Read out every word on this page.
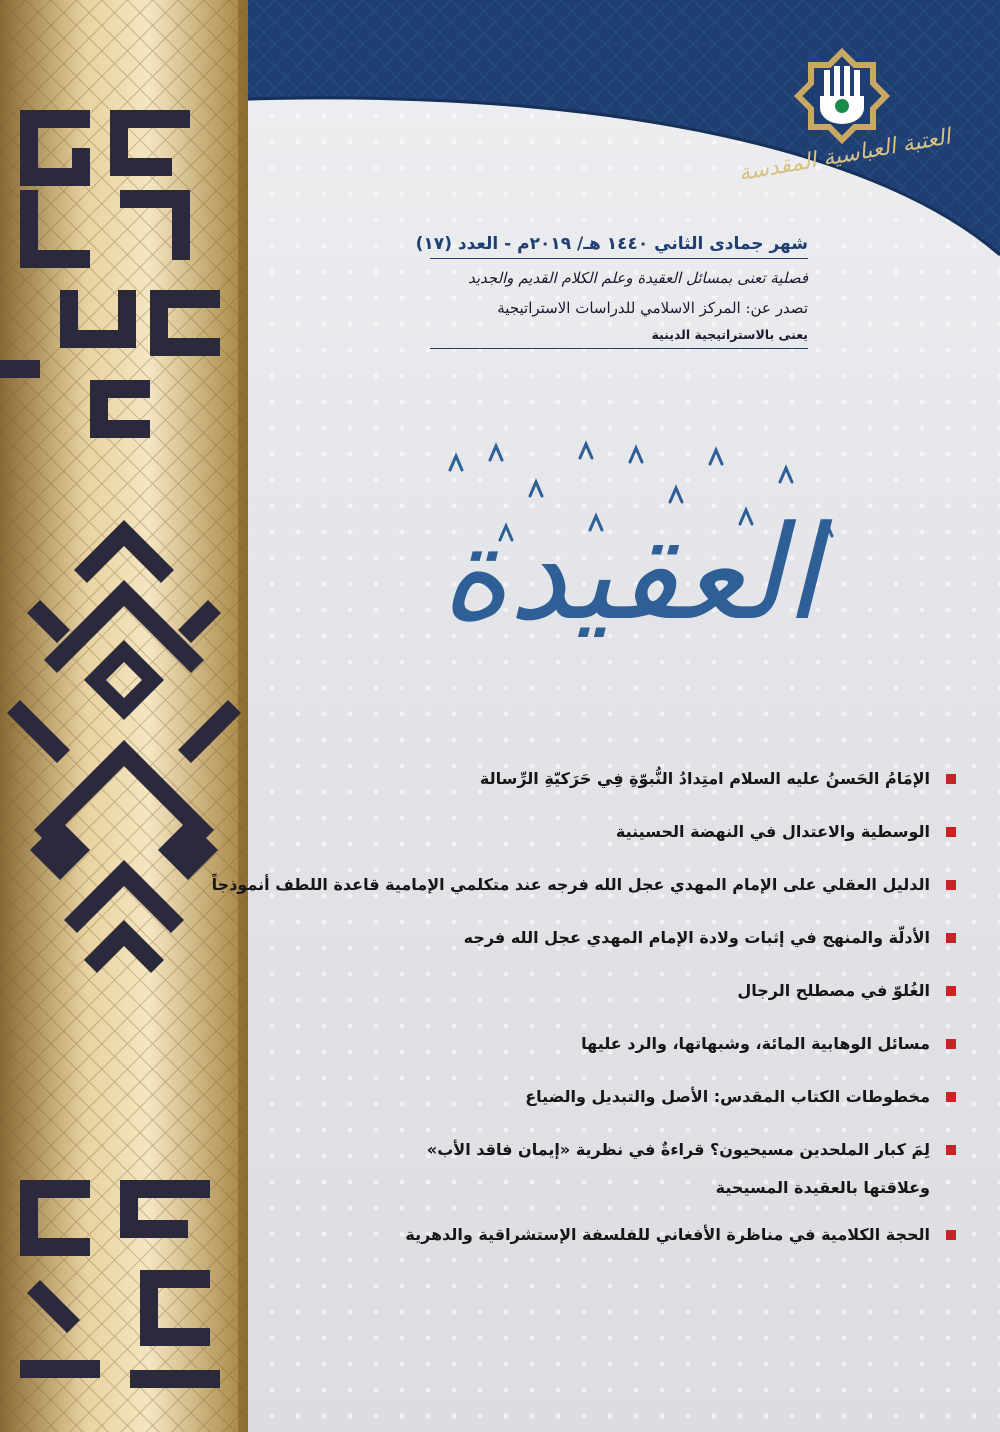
العتبة العباسية المقدسة
شهر جمادى الثاني ١٤٤٠ هـ/ ٢٠١٩م - العدد (١٧)
فصلية تعنى بمسائل العقيدة وعلم الكلام القديم والجديد
تصدر عن: المركز الاسلامي للدراسات الاستراتيجية
يعنى بالاستراتيجية الدينية
العقيدة
الإمَامُ الحَسنُ عليه السلام امتِدادُ النُّبوّةِ فِي حَرَكيّةِ الرِّسالة
الوسطية والاعتدال في النهضة الحسينية
الدليل العقلي على الإمام المهدي عجل الله فرجه عند متكلمي الإمامية قاعدة اللطف أنموذجاً
الأدلّة والمنهج في إثبات ولادة الإمام المهدي عجل الله فرجه
الغُلوّ في مصطلح الرجال
مسائل الوهابية المائة، وشبهاتها، والرد عليها
مخطوطات الكتاب المقدس: الأصل والتبديل والضياع
لِمَ كبار الملحدين مسيحيون؟ قراءةٌ في نظرية «إيمان فاقد الأب»
وعلاقتها بالعقيدة المسيحية
الحجة الكلامية في مناظرة الأفغاني للفلسفة الإستشراقية والدهرية
